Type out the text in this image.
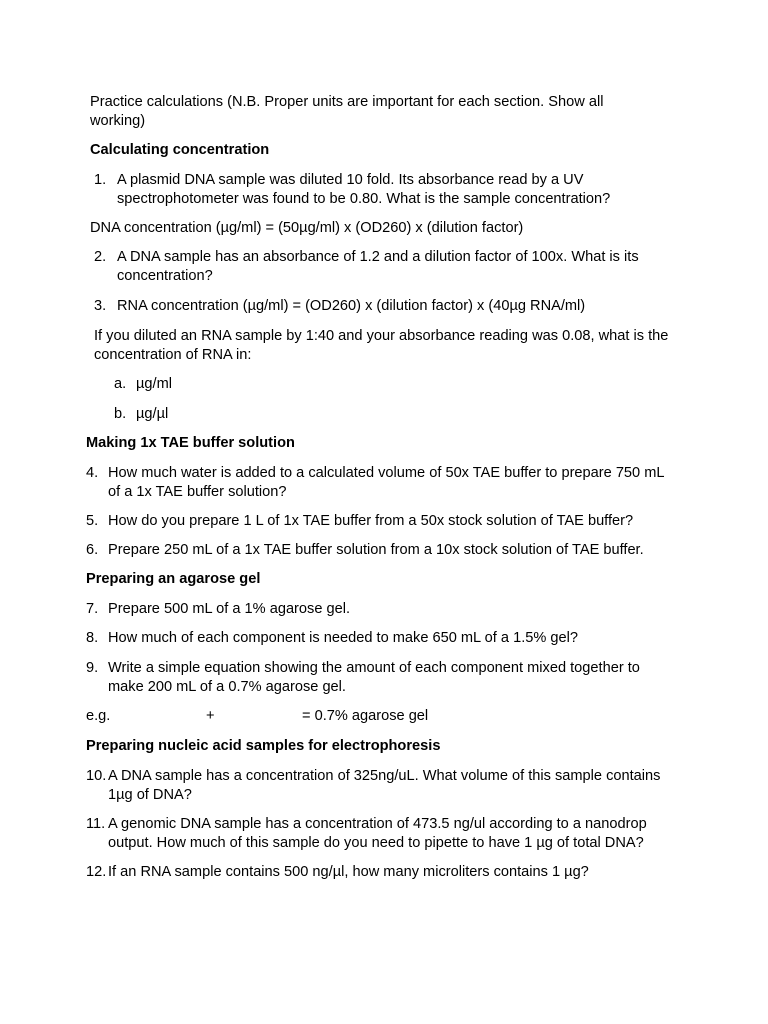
Practice calculations (N.B. Proper units are important for each section. Show all working)

Calculating concentration

1. A plasmid DNA sample was diluted 10 fold. Its absorbance read by a UV spectrophotometer was found to be 0.80. What is the sample concentration?

DNA concentration (µg/ml) = (50µg/ml) x (OD260) x (dilution factor)

2. A DNA sample has an absorbance of 1.2 and a dilution factor of 100x. What is its concentration?
3. RNA concentration (µg/ml) = (OD260) x (dilution factor) x (40µg RNA/ml)

If you diluted an RNA sample by 1:40 and your absorbance reading was 0.08, what is the concentration of RNA in:

a. µg/ml
b. µg/µl

Making 1x TAE buffer solution

4. How much water is added to a calculated volume of 50x TAE buffer to prepare 750 mL of a 1x TAE buffer solution?
5. How do you prepare 1 L of 1x TAE buffer from a 50x stock solution of TAE buffer?
6. Prepare 250 mL of a 1x TAE buffer solution from a 10x stock solution of TAE buffer.

Preparing an agarose gel

7. Prepare 500 mL of a 1% agarose gel.
8. How much of each component is needed to make 650 mL of a 1.5% gel?
9. Write a simple equation showing the amount of each component mixed together to make 200 mL of a 0.7% agarose gel.
e.g.	+	= 0.7% agarose gel

Preparing nucleic acid samples for electrophoresis

10. A DNA sample has a concentration of 325ng/uL. What volume of this sample contains 1µg of DNA?
11. A genomic DNA sample has a concentration of 473.5 ng/ul according to a nanodrop output. How much of this sample do you need to pipette to have 1 µg of total DNA?
12. If an RNA sample contains 500 ng/µl, how many microliters contains 1 µg?
